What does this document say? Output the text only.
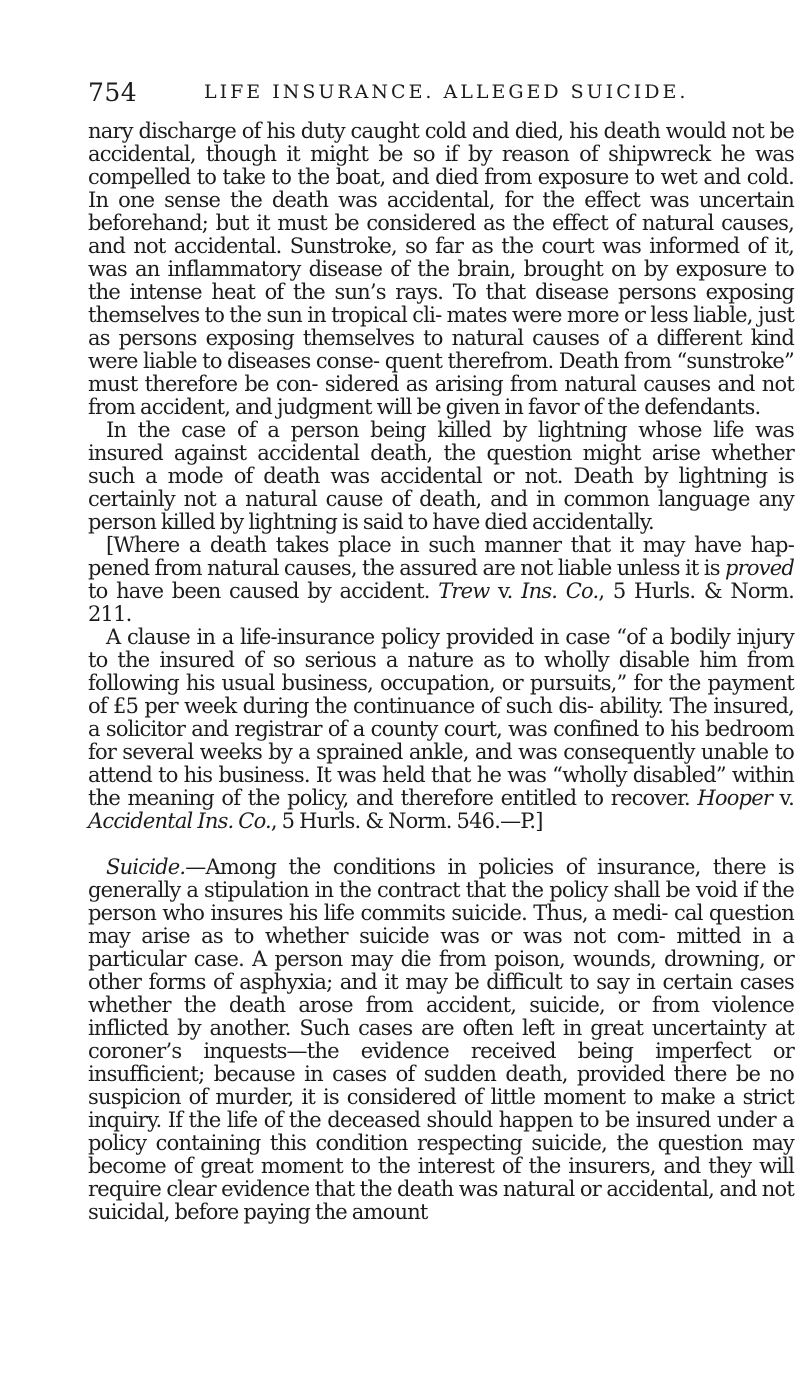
754	LIFE INSURANCE. ALLEGED SUICIDE.

nary discharge of his duty caught cold and died, his death would not be accidental, though it might be so if by reason of shipwreck he was compelled to take to the boat, and died from exposure to wet and cold. In one sense the death was accidental, for the effect was uncertain beforehand; but it must be considered as the effect of natural causes, and not accidental. Sunstroke, so far as the court was informed of it, was an inflammatory disease of the brain, brought on by exposure to the intense heat of the sun’s rays. To that disease persons exposing themselves to the sun in tropical cli- mates were more or less liable, just as persons exposing themselves to natural causes of a different kind were liable to diseases conse- quent therefrom. Death from “sunstroke” must therefore be con- sidered as arising from natural causes and not from accident, and judgment will be given in favor of the defendants.

In the case of a person being killed by lightning whose life was insured against accidental death, the question might arise whether such a mode of death was accidental or not. Death by lightning is certainly not a natural cause of death, and in common language any person killed by lightning is said to have died accidentally.

[Where a death takes place in such manner that it may have hap- pened from natural causes, the assured are not liable unless it is proved to have been caused by accident. Trew v. Ins. Co., 5 Hurls. & Norm. 211.

A clause in a life-insurance policy provided in case “of a bodily injury to the insured of so serious a nature as to wholly disable him from following his usual business, occupation, or pursuits,” for the payment of £5 per week during the continuance of such dis- ability. The insured, a solicitor and registrar of a county court, was confined to his bedroom for several weeks by a sprained ankle, and was consequently unable to attend to his business. It was held that he was “wholly disabled” within the meaning of the policy, and therefore entitled to recover. Hooper v. Accidental Ins. Co., 5 Hurls. & Norm. 546.—P.]

Suicide.—Among the conditions in policies of insurance, there is generally a stipulation in the contract that the policy shall be void if the person who insures his life commits suicide. Thus, a medi- cal question may arise as to whether suicide was or was not com- mitted in a particular case. A person may die from poison, wounds, drowning, or other forms of asphyxia; and it may be difficult to say in certain cases whether the death arose from accident, suicide, or from violence inflicted by another. Such cases are often left in great uncertainty at coroner’s inquests—the evidence received being imperfect or insufficient; because in cases of sudden death, provided there be no suspicion of murder, it is considered of little moment to make a strict inquiry. If the life of the deceased should happen to be insured under a policy containing this condition respecting suicide, the question may become of great moment to the interest of the insurers, and they will require clear evidence that the death was natural or accidental, and not suicidal, before paying the amount
